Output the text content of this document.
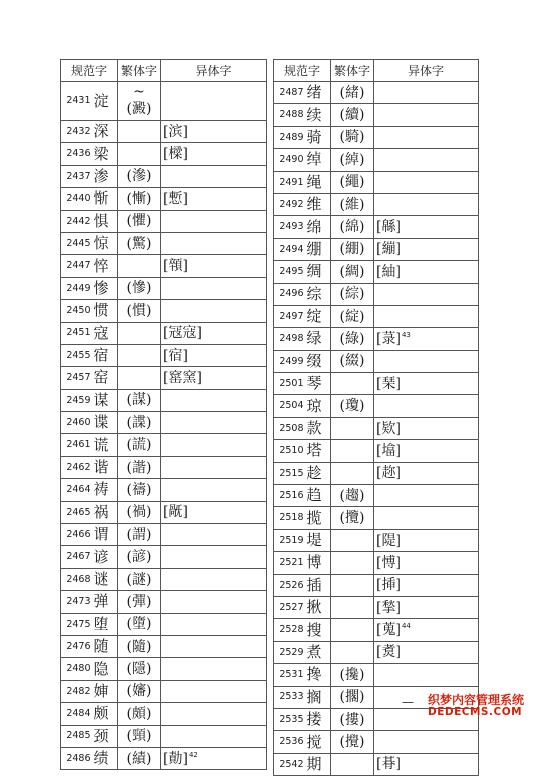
规范字		繁体字	异体字
2431	淀	~
(澱)	
2432	深		[滨]
2436	梁		[樑]
2437	渗	(滲)	
2440	惭	(慚)	[慙]
2442	惧	(懼)	
2445	惊	(驚)	
2447	悴		[顇]
2449	惨	(慘)	
2450	惯	(慣)	
2451	寇		[冦寇]
2455	宿		[宿]
2457	窑		[窰窯]
2459	谋	(謀)	
2460	谍	(諜)	
2461	谎	(謊)	
2462	谐	(諧)	
2464	祷	(禱)	
2465	祸	(禍)	[旤]
2466	谓	(謂)	
2467	谚	(諺)	
2468	谜	(謎)	
2473	弹	(彈)	
2475	堕	(墮)	
2476	随	(隨)	
2480	隐	(隱)	
2482	婶	(嬸)	
2484	颇	(頗)	
2485	颈	(頸)	
2486	绩	(績)	[勣]$^{42}$
规范字		繁体字	异体字
2487	绪	(緒)	
2488	续	(續)	
2489	骑	(騎)	
2490	绰	(綽)	
2491	绳	(繩)	
2492	维	(維)	
2493	绵	(綿)	[緜]
2494	绷	(綳)	[繃]
2495	绸	(綢)	[紬]
2496	综	(綜)	
2497	绽	(綻)	
2498	绿	(綠)	[菉]$^{43}$
2499	缀	(綴)	
2501	琴		[琹]
2504	琼	(瓊)	
2508	款		[欵]
2510	塔		[墖]
2515	趁		[趂]
2516	趋	(趨)	
2518	揽	(攬)	
2519	堤		[隄]
2521	博		[愽]
2526	插		[揷]
2527	揪		[揫]
2528	搜		[蒐]$^{44}$
2529	煮		[煑]
2531	搀	(攙)	
2533	搁	(擱)	
2535	搂	(摟)	
2536	搅	(攪)	
2542	期		[朞]
— 织梦内容管理系统
DEDECMS.COM
